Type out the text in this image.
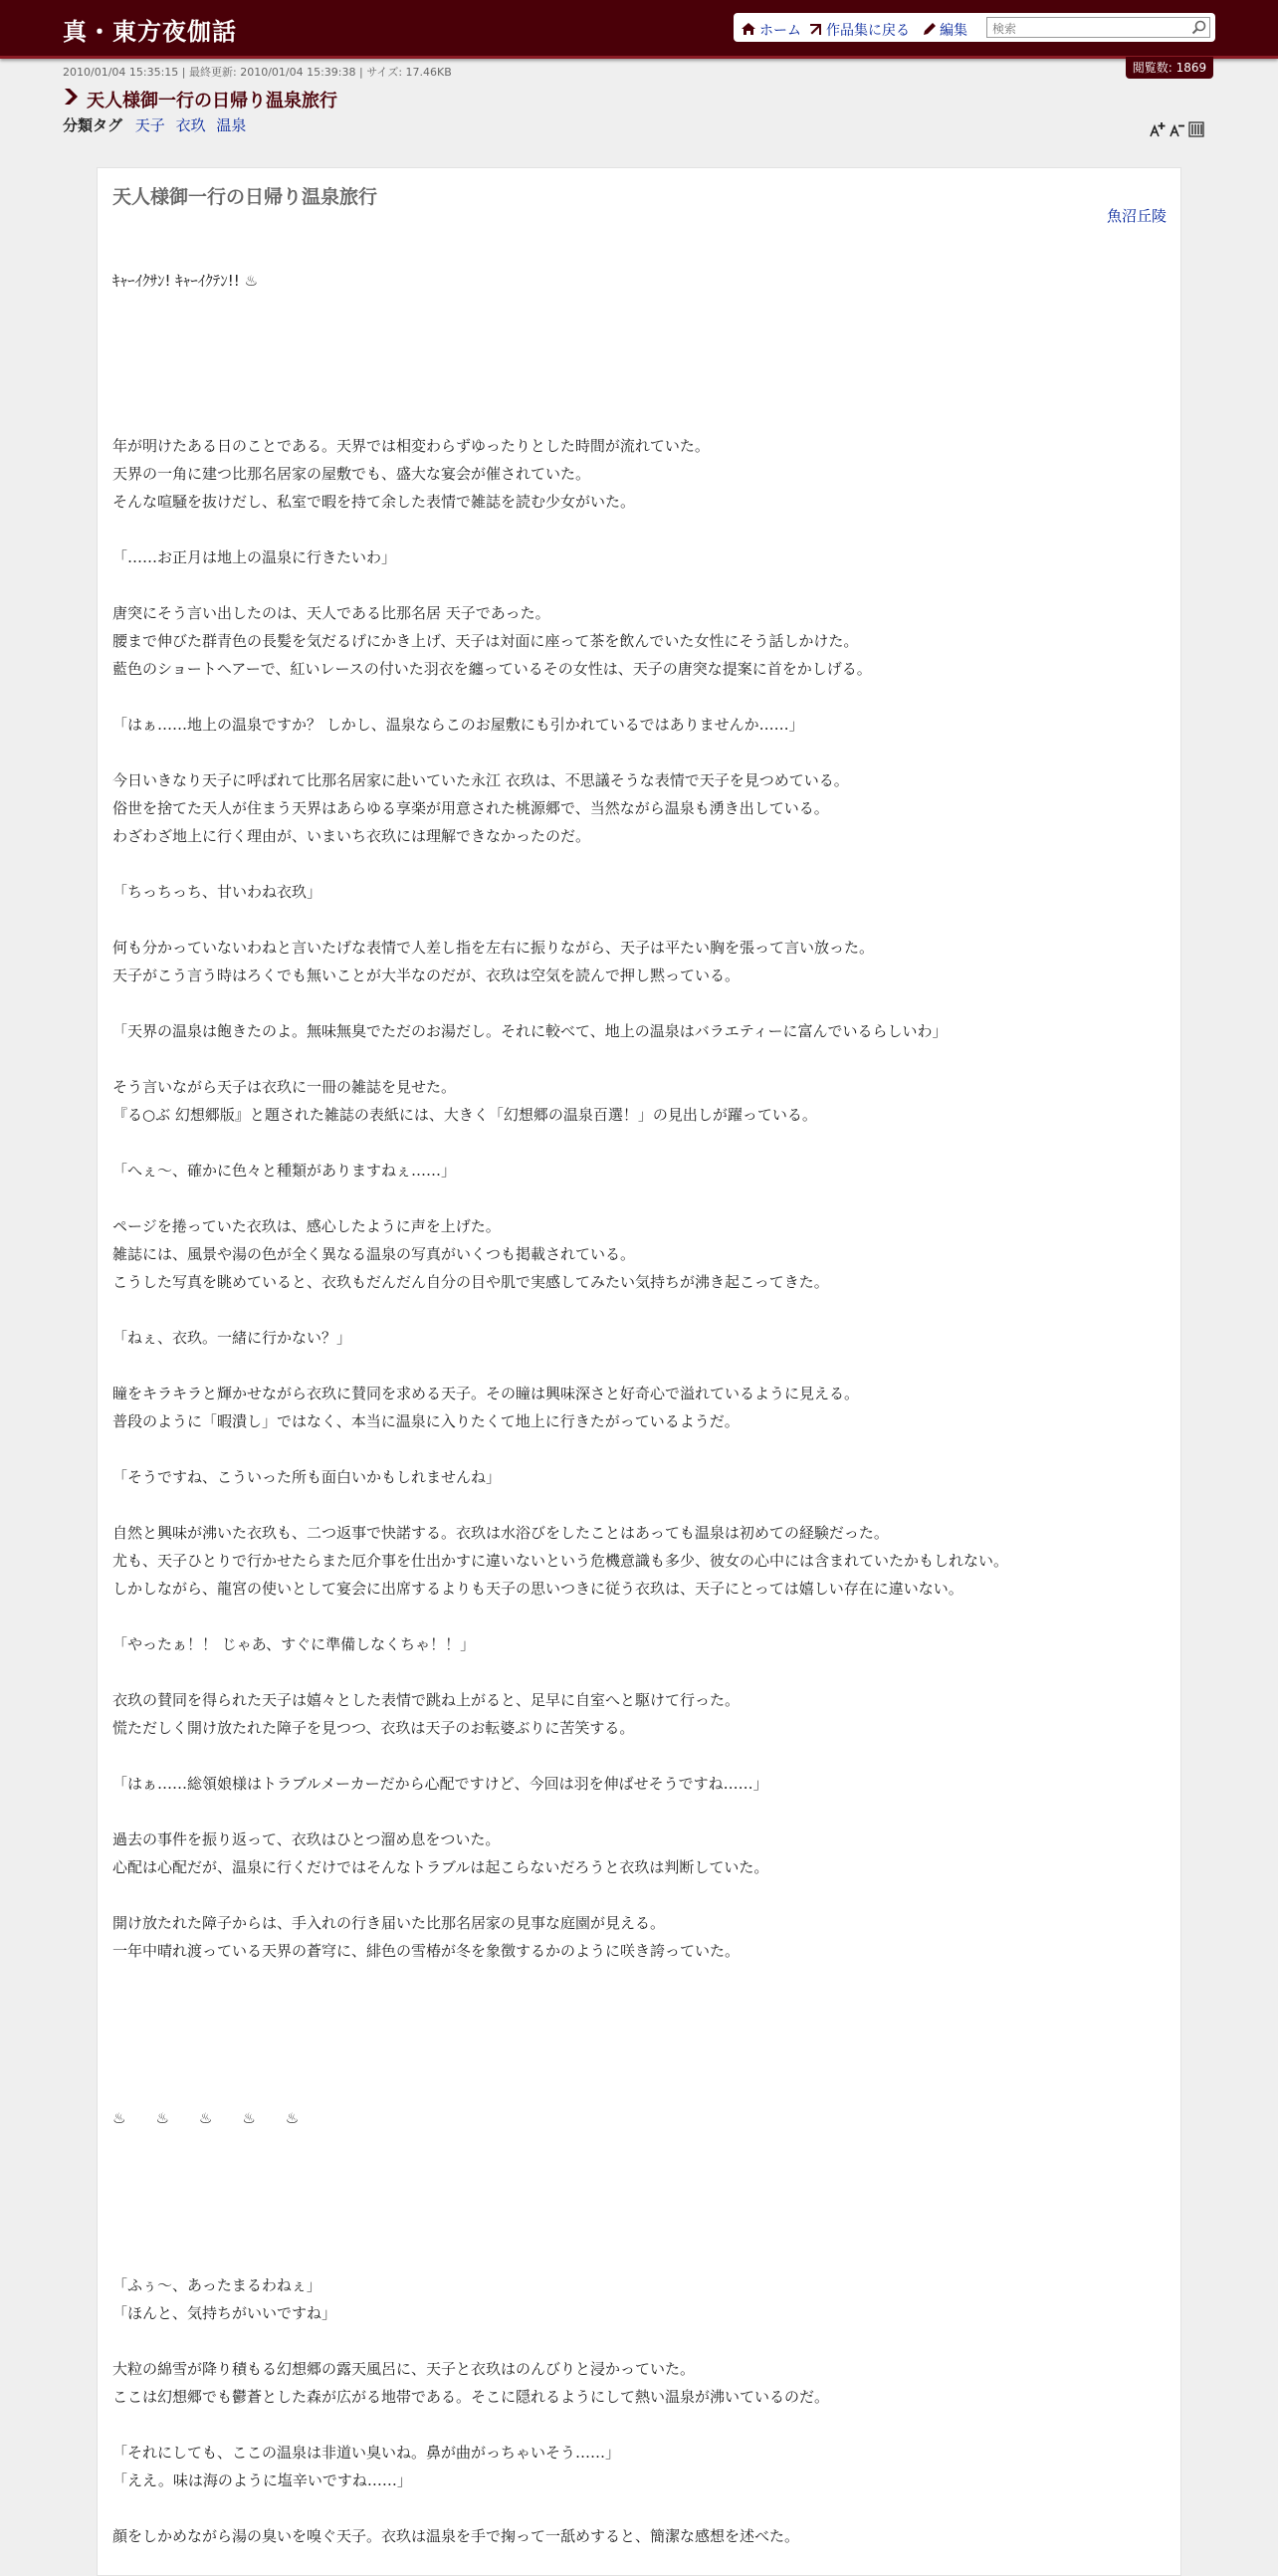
真・東方夜伽話	ホーム	作品集に戻る	編集
検索
閲覧数: 1869
2010/01/04 15:35:15 | 最終更新: 2010/01/04 15:39:38 | サイズ: 17.46KB
天人様御一行の日帰り温泉旅行
分類タグ 天子 衣玖 温泉
天人様御一行の日帰り温泉旅行
魚沼丘陵
ｷｬｰｲｸｻﾝ! ｷｬｰｲｸﾃﾝ!! ♨
年が明けたある日のことである。天界では相変わらずゆったりとした時間が流れていた。
天界の一角に建つ比那名居家の屋敷でも、盛大な宴会が催されていた。
そんな喧騒を抜けだし、私室で暇を持て余した表情で雑誌を読む少女がいた。
「……お正月は地上の温泉に行きたいわ」
唐突にそう言い出したのは、天人である比那名居 天子であった。
腰まで伸びた群青色の長髪を気だるげにかき上げ、天子は対面に座って茶を飲んでいた女性にそう話しかけた。
藍色のショートヘアーで、紅いレースの付いた羽衣を纏っているその女性は、天子の唐突な提案に首をかしげる。
「はぁ……地上の温泉ですか？ しかし、温泉ならこのお屋敷にも引かれているではありませんか……」
今日いきなり天子に呼ばれて比那名居家に赴いていた永江 衣玖は、不思議そうな表情で天子を見つめている。
俗世を捨てた天人が住まう天界はあらゆる享楽が用意された桃源郷で、当然ながら温泉も湧き出している。
わざわざ地上に行く理由が、いまいち衣玖には理解できなかったのだ。
「ちっちっち、甘いわね衣玖」
何も分かっていないわねと言いたげな表情で人差し指を左右に振りながら、天子は平たい胸を張って言い放った。
天子がこう言う時はろくでも無いことが大半なのだが、衣玖は空気を読んで押し黙っている。
「天界の温泉は飽きたのよ。無味無臭でただのお湯だし。それに較べて、地上の温泉はバラエティーに富んでいるらしいわ」
そう言いながら天子は衣玖に一冊の雑誌を見せた。
『る○ぶ 幻想郷版』と題された雑誌の表紙には、大きく「幻想郷の温泉百選！」の見出しが躍っている。
「へぇ～、確かに色々と種類がありますねぇ……」
ページを捲っていた衣玖は、感心したように声を上げた。
雑誌には、風景や湯の色が全く異なる温泉の写真がいくつも掲載されている。
こうした写真を眺めていると、衣玖もだんだん自分の目や肌で実感してみたい気持ちが沸き起こってきた。
「ねぇ、衣玖。一緒に行かない？」
瞳をキラキラと輝かせながら衣玖に賛同を求める天子。その瞳は興味深さと好奇心で溢れているように見える。
普段のように「暇潰し」ではなく、本当に温泉に入りたくて地上に行きたがっているようだ。
「そうですね、こういった所も面白いかもしれませんね」
自然と興味が沸いた衣玖も、二つ返事で快諾する。衣玖は水浴びをしたことはあっても温泉は初めての経験だった。
尤も、天子ひとりで行かせたらまた厄介事を仕出かすに違いないという危機意識も多少、彼女の心中には含まれていたかもしれない。
しかしながら、龍宮の使いとして宴会に出席するよりも天子の思いつきに従う衣玖は、天子にとっては嬉しい存在に違いない。
「やったぁ！！ じゃあ、すぐに準備しなくちゃ！！」
衣玖の賛同を得られた天子は嬉々とした表情で跳ね上がると、足早に自室へと駆けて行った。
慌ただしく開け放たれた障子を見つつ、衣玖は天子のお転婆ぶりに苦笑する。
「はぁ……総領娘様はトラブルメーカーだから心配ですけど、今回は羽を伸ばせそうですね……」
過去の事件を振り返って、衣玖はひとつ溜め息をついた。
心配は心配だが、温泉に行くだけではそんなトラブルは起こらないだろうと衣玖は判断していた。
開け放たれた障子からは、手入れの行き届いた比那名居家の見事な庭園が見える。
一年中晴れ渡っている天界の蒼穹に、緋色の雪椿が冬を象徴するかのように咲き誇っていた。
♨　　♨　　♨　　♨　　♨
「ふぅ～、あったまるわねぇ」
「ほんと、気持ちがいいですね」
大粒の綿雪が降り積もる幻想郷の露天風呂に、天子と衣玖はのんびりと浸かっていた。
ここは幻想郷でも鬱蒼とした森が広がる地帯である。そこに隠れるようにして熱い温泉が沸いているのだ。
「それにしても、ここの温泉は非道い臭いね。鼻が曲がっちゃいそう……」
「ええ。味は海のように塩辛いですね……」
顔をしかめながら湯の臭いを嗅ぐ天子。衣玖は温泉を手で掬って一舐めすると、簡潔な感想を述べた。
